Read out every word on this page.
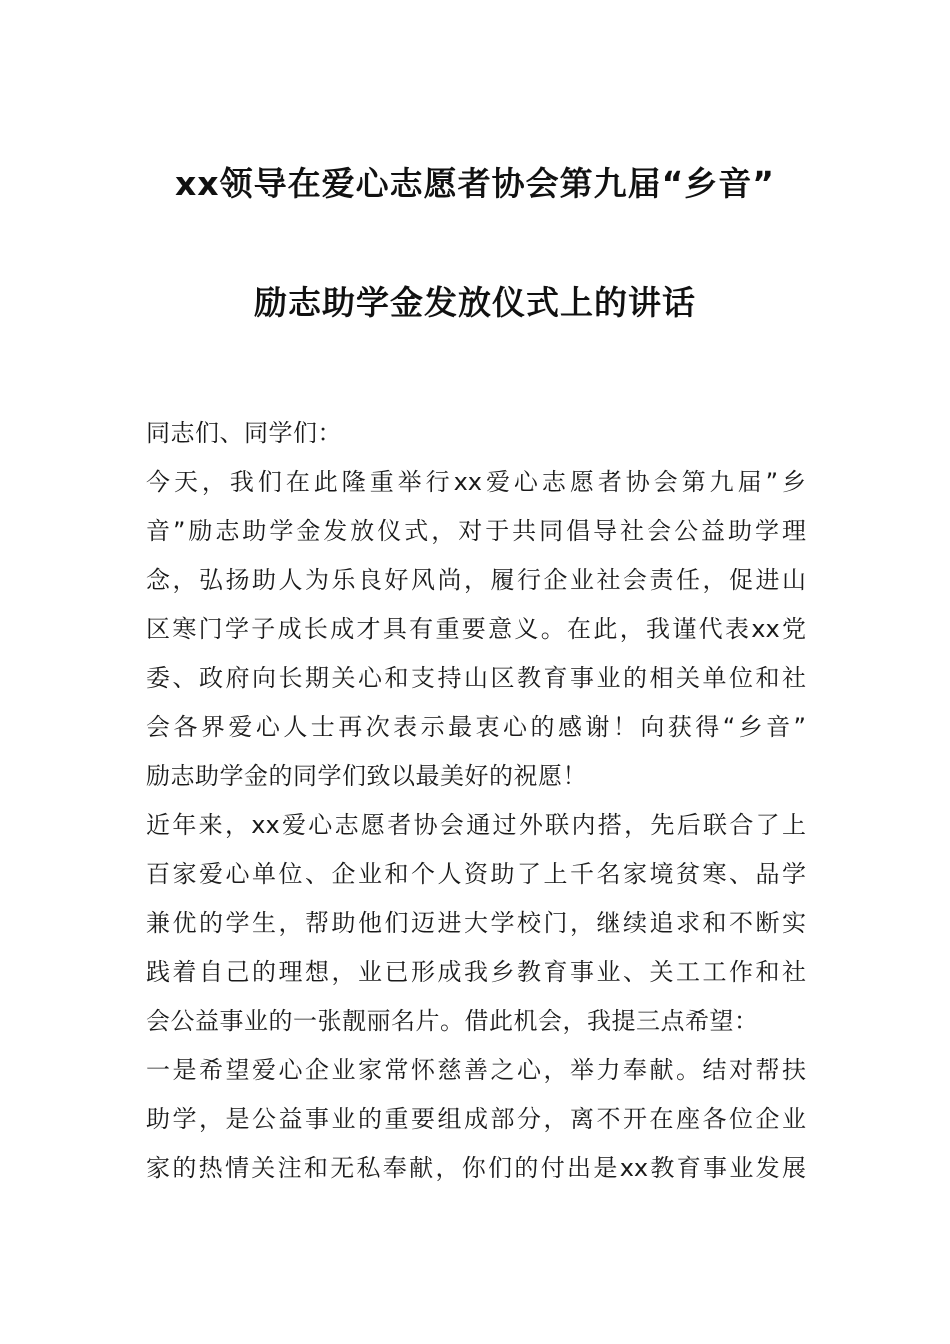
xx领导在爱心志愿者协会第九届“乡音”
励志助学金发放仪式上的讲话
同志们、同学们：
今天，我们在此隆重举行xx爱心志愿者协会第九届”乡
音”励志助学金发放仪式，对于共同倡导社会公益助学理
念，弘扬助人为乐良好风尚，履行企业社会责任，促进山
区寒门学子成长成才具有重要意义。在此，我谨代表xx党
委、政府向长期关心和支持山区教育事业的相关单位和社
会各界爱心人士再次表示最衷心的感谢！向获得“乡音”
励志助学金的同学们致以最美好的祝愿！
近年来，xx爱心志愿者协会通过外联内搭，先后联合了上
百家爱心单位、企业和个人资助了上千名家境贫寒、品学
兼优的学生，帮助他们迈进大学校门，继续追求和不断实
践着自己的理想，业已形成我乡教育事业、关工工作和社
会公益事业的一张靓丽名片。借此机会，我提三点希望：
一是希望爱心企业家常怀慈善之心，举力奉献。结对帮扶
助学，是公益事业的重要组成部分，离不开在座各位企业
家的热情关注和无私奉献，你们的付出是xx教育事业发展
